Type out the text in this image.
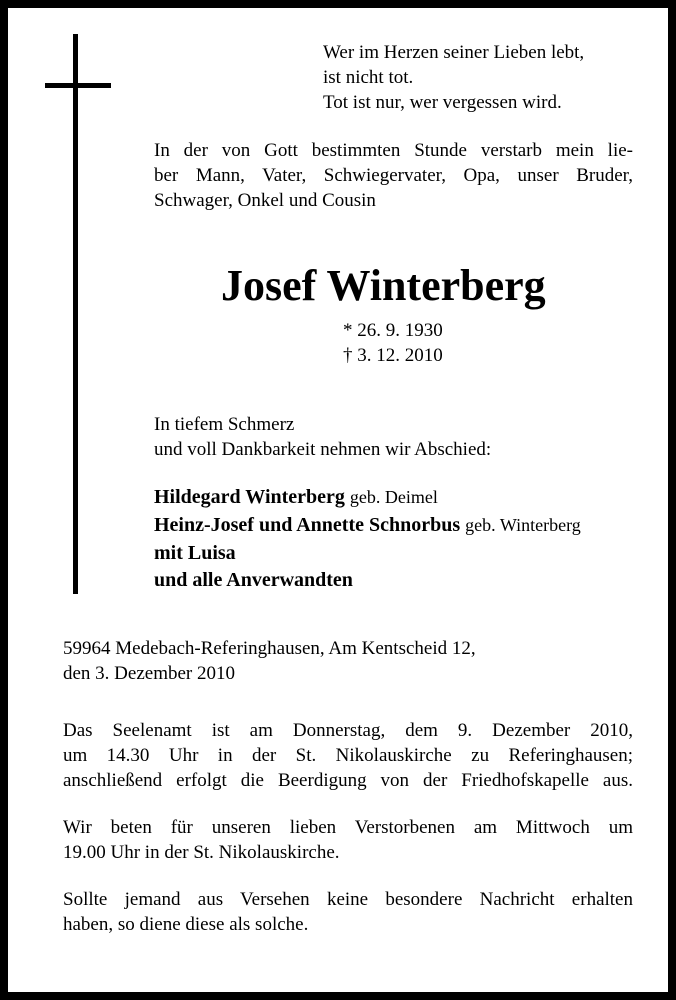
Wer im Herzen seiner Lieben lebt,
ist nicht tot.
Tot ist nur, wer vergessen wird.
In der von Gott bestimmten Stunde verstarb mein lie-
ber Mann, Vater, Schwiegervater, Opa, unser Bruder,
Schwager, Onkel und Cousin
Josef Winterberg
* 26. 9. 1930
† 3. 12. 2010
In tiefem Schmerz
und voll Dankbarkeit nehmen wir Abschied:
Hildegard Winterberg geb. Deimel
Heinz-Josef und Annette Schnorbus geb. Winterberg
mit Luisa
und alle Anverwandten
59964 Medebach-Referinghausen, Am Kentscheid 12,
den 3. Dezember 2010
Das Seelenamt ist am Donnerstag, dem 9. Dezember 2010,
um 14.30 Uhr in der St. Nikolauskirche zu Referinghausen;
anschließend erfolgt die Beerdigung von der Friedhofskapelle aus.
Wir beten für unseren lieben Verstorbenen am Mittwoch um
19.00 Uhr in der St. Nikolauskirche.
Sollte jemand aus Versehen keine besondere Nachricht erhalten
haben, so diene diese als solche.
